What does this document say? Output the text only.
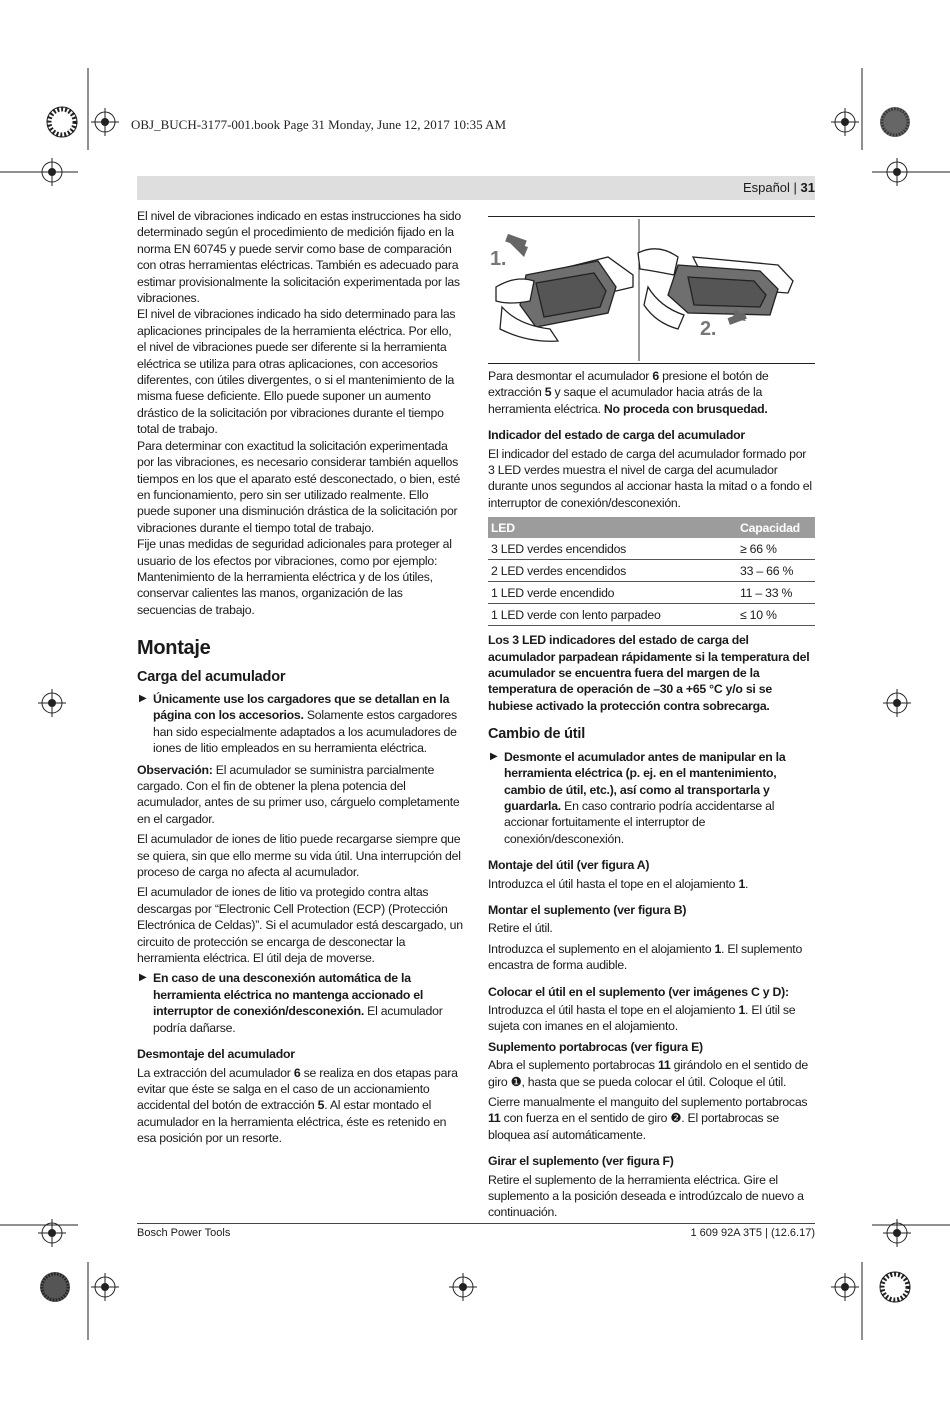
OBJ_BUCH-3177-001.book Page 31 Monday, June 12, 2017 10:35 AM
Español | 31

El nivel de vibraciones indicado en estas instrucciones ha sido determinado según el procedimiento de medición fijado en la norma EN 60745 y puede servir como base de comparación con otras herramientas eléctricas. También es adecuado para estimar provisionalmente la solicitación experimentada por las vibraciones.

El nivel de vibraciones indicado ha sido determinado para las aplicaciones principales de la herramienta eléctrica. Por ello, el nivel de vibraciones puede ser diferente si la herramienta eléctrica se utiliza para otras aplicaciones, con accesorios diferentes, con útiles divergentes, o si el mantenimiento de la misma fuese deficiente. Ello puede suponer un aumento drástico de la solicitación por vibraciones durante el tiempo total de trabajo.

Para determinar con exactitud la solicitación experimentada por las vibraciones, es necesario considerar también aquellos tiempos en los que el aparato esté desconectado, o bien, esté en funcionamiento, pero sin ser utilizado realmente. Ello puede suponer una disminución drástica de la solicitación por vibraciones durante el tiempo total de trabajo.

Fije unas medidas de seguridad adicionales para proteger al usuario de los efectos por vibraciones, como por ejemplo: Mantenimiento de la herramienta eléctrica y de los útiles, conservar calientes las manos, organización de las secuencias de trabajo.

Montaje
Carga del acumulador
▶ Únicamente use los cargadores que se detallan en la página con los accesorios. Solamente estos cargadores han sido especialmente adaptados a los acumuladores de iones de litio empleados en su herramienta eléctrica.

Observación: El acumulador se suministra parcialmente cargado. Con el fin de obtener la plena potencia del acumulador, antes de su primer uso, cárguelo completamente en el cargador.

El acumulador de iones de litio puede recargarse siempre que se quiera, sin que ello merme su vida útil. Una interrupción del proceso de carga no afecta al acumulador.

El acumulador de iones de litio va protegido contra altas descargas por “Electronic Cell Protection (ECP) (Protección Electrónica de Celdas)”. Si el acumulador está descargado, un circuito de protección se encarga de desconectar la herramienta eléctrica. El útil deja de moverse.

▶ En caso de una desconexión automática de la herramienta eléctrica no mantenga accionado el interruptor de conexión/desconexión. El acumulador podría dañarse.
Desmontaje del acumulador

La extracción del acumulador 6 se realiza en dos etapas para evitar que éste se salga en el caso de un accionamiento accidental del botón de extracción 5. Al estar montado el acumulador en la herramienta eléctrica, éste es retenido en esa posición por un resorte.

1.
2.

Para desmontar el acumulador 6 presione el botón de extracción 5 y saque el acumulador hacia atrás de la herramienta eléctrica. No proceda con brusquedad.

Indicador del estado de carga del acumulador

El indicador del estado de carga del acumulador formado por 3 LED verdes muestra el nivel de carga del acumulador durante unos segundos al accionar hasta la mitad o a fondo el interruptor de conexión/desconexión.

LED	Capacidad
3 LED verdes encendidos	≥ 66 %
2 LED verdes encendidos	33 – 66 %
1 LED verde encendido	11 – 33 %
1 LED verde con lento parpadeo	≤ 10 %

Los 3 LED indicadores del estado de carga del acumulador parpadean rápidamente si la temperatura del acumulador se encuentra fuera del margen de la temperatura de operación de –30 a +65 °C y/o si se hubiese activado la protección contra sobrecarga.

Cambio de útil
▶ Desmonte el acumulador antes de manipular en la herramienta eléctrica (p. ej. en el mantenimiento, cambio de útil, etc.), así como al transportarla y guardarla. En caso contrario podría accidentarse al accionar fortuitamente el interruptor de conexión/desconexión.
Montaje del útil (ver figura A)

Introduzca el útil hasta el tope en el alojamiento 1.

Montar el suplemento (ver figura B)

Retire el útil.

Introduzca el suplemento en el alojamiento 1. El suplemento encastra de forma audible.

Colocar el útil en el suplemento (ver imágenes C y D):

Introduzca el útil hasta el tope en el alojamiento 1. El útil se sujeta con imanes en el alojamiento.

Suplemento portabrocas (ver figura E)

Abra el suplemento portabrocas 11 girándolo en el sentido de giro ❶, hasta que se pueda colocar el útil. Coloque el útil.

Cierre manualmente el manguito del suplemento portabrocas 11 con fuerza en el sentido de giro ❷. El portabrocas se bloquea así automáticamente.

Girar el suplemento (ver figura F)

Retire el suplemento de la herramienta eléctrica. Gire el suplemento a la posición deseada e introdúzcalo de nuevo a continuación.

Bosch Power Tools	1 609 92A 3T5 | (12.6.17)
